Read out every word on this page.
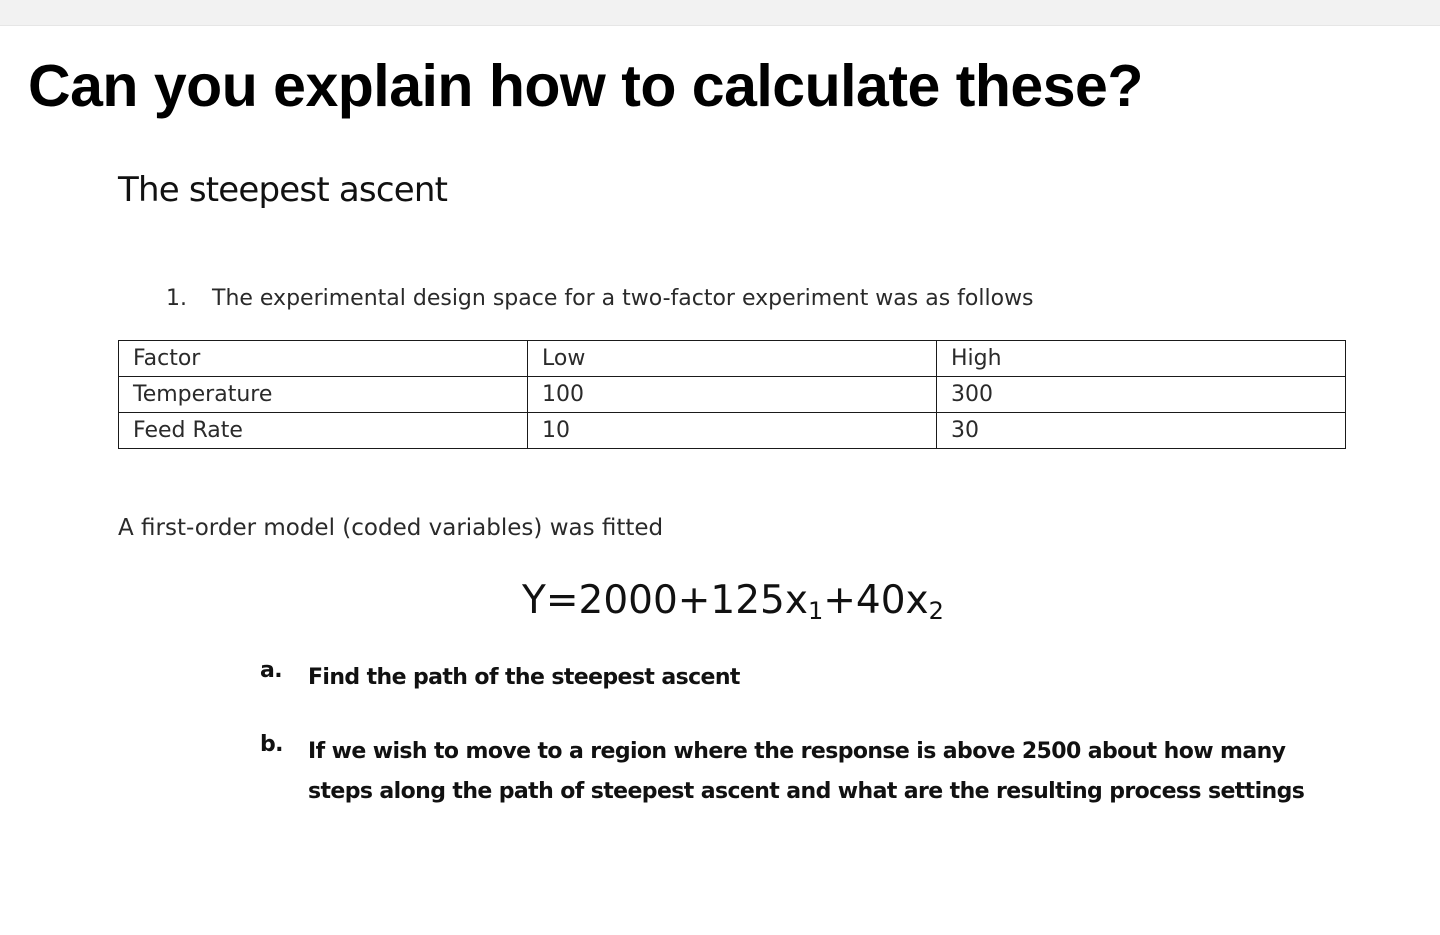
Can you explain how to calculate these?
The steepest ascent
1.	The experimental design space for a two-factor experiment was as follows
Factor	Low	High
Temperature	100	300
Feed Rate	10	30
A first-order model (coded variables) was fitted
$Y=2000+125x_1+40x_2$
a.	Find the path of the steepest ascent
b.	If we wish to move to a region where the response is above 2500 about how many steps along the path of steepest ascent and what are the resulting process settings
